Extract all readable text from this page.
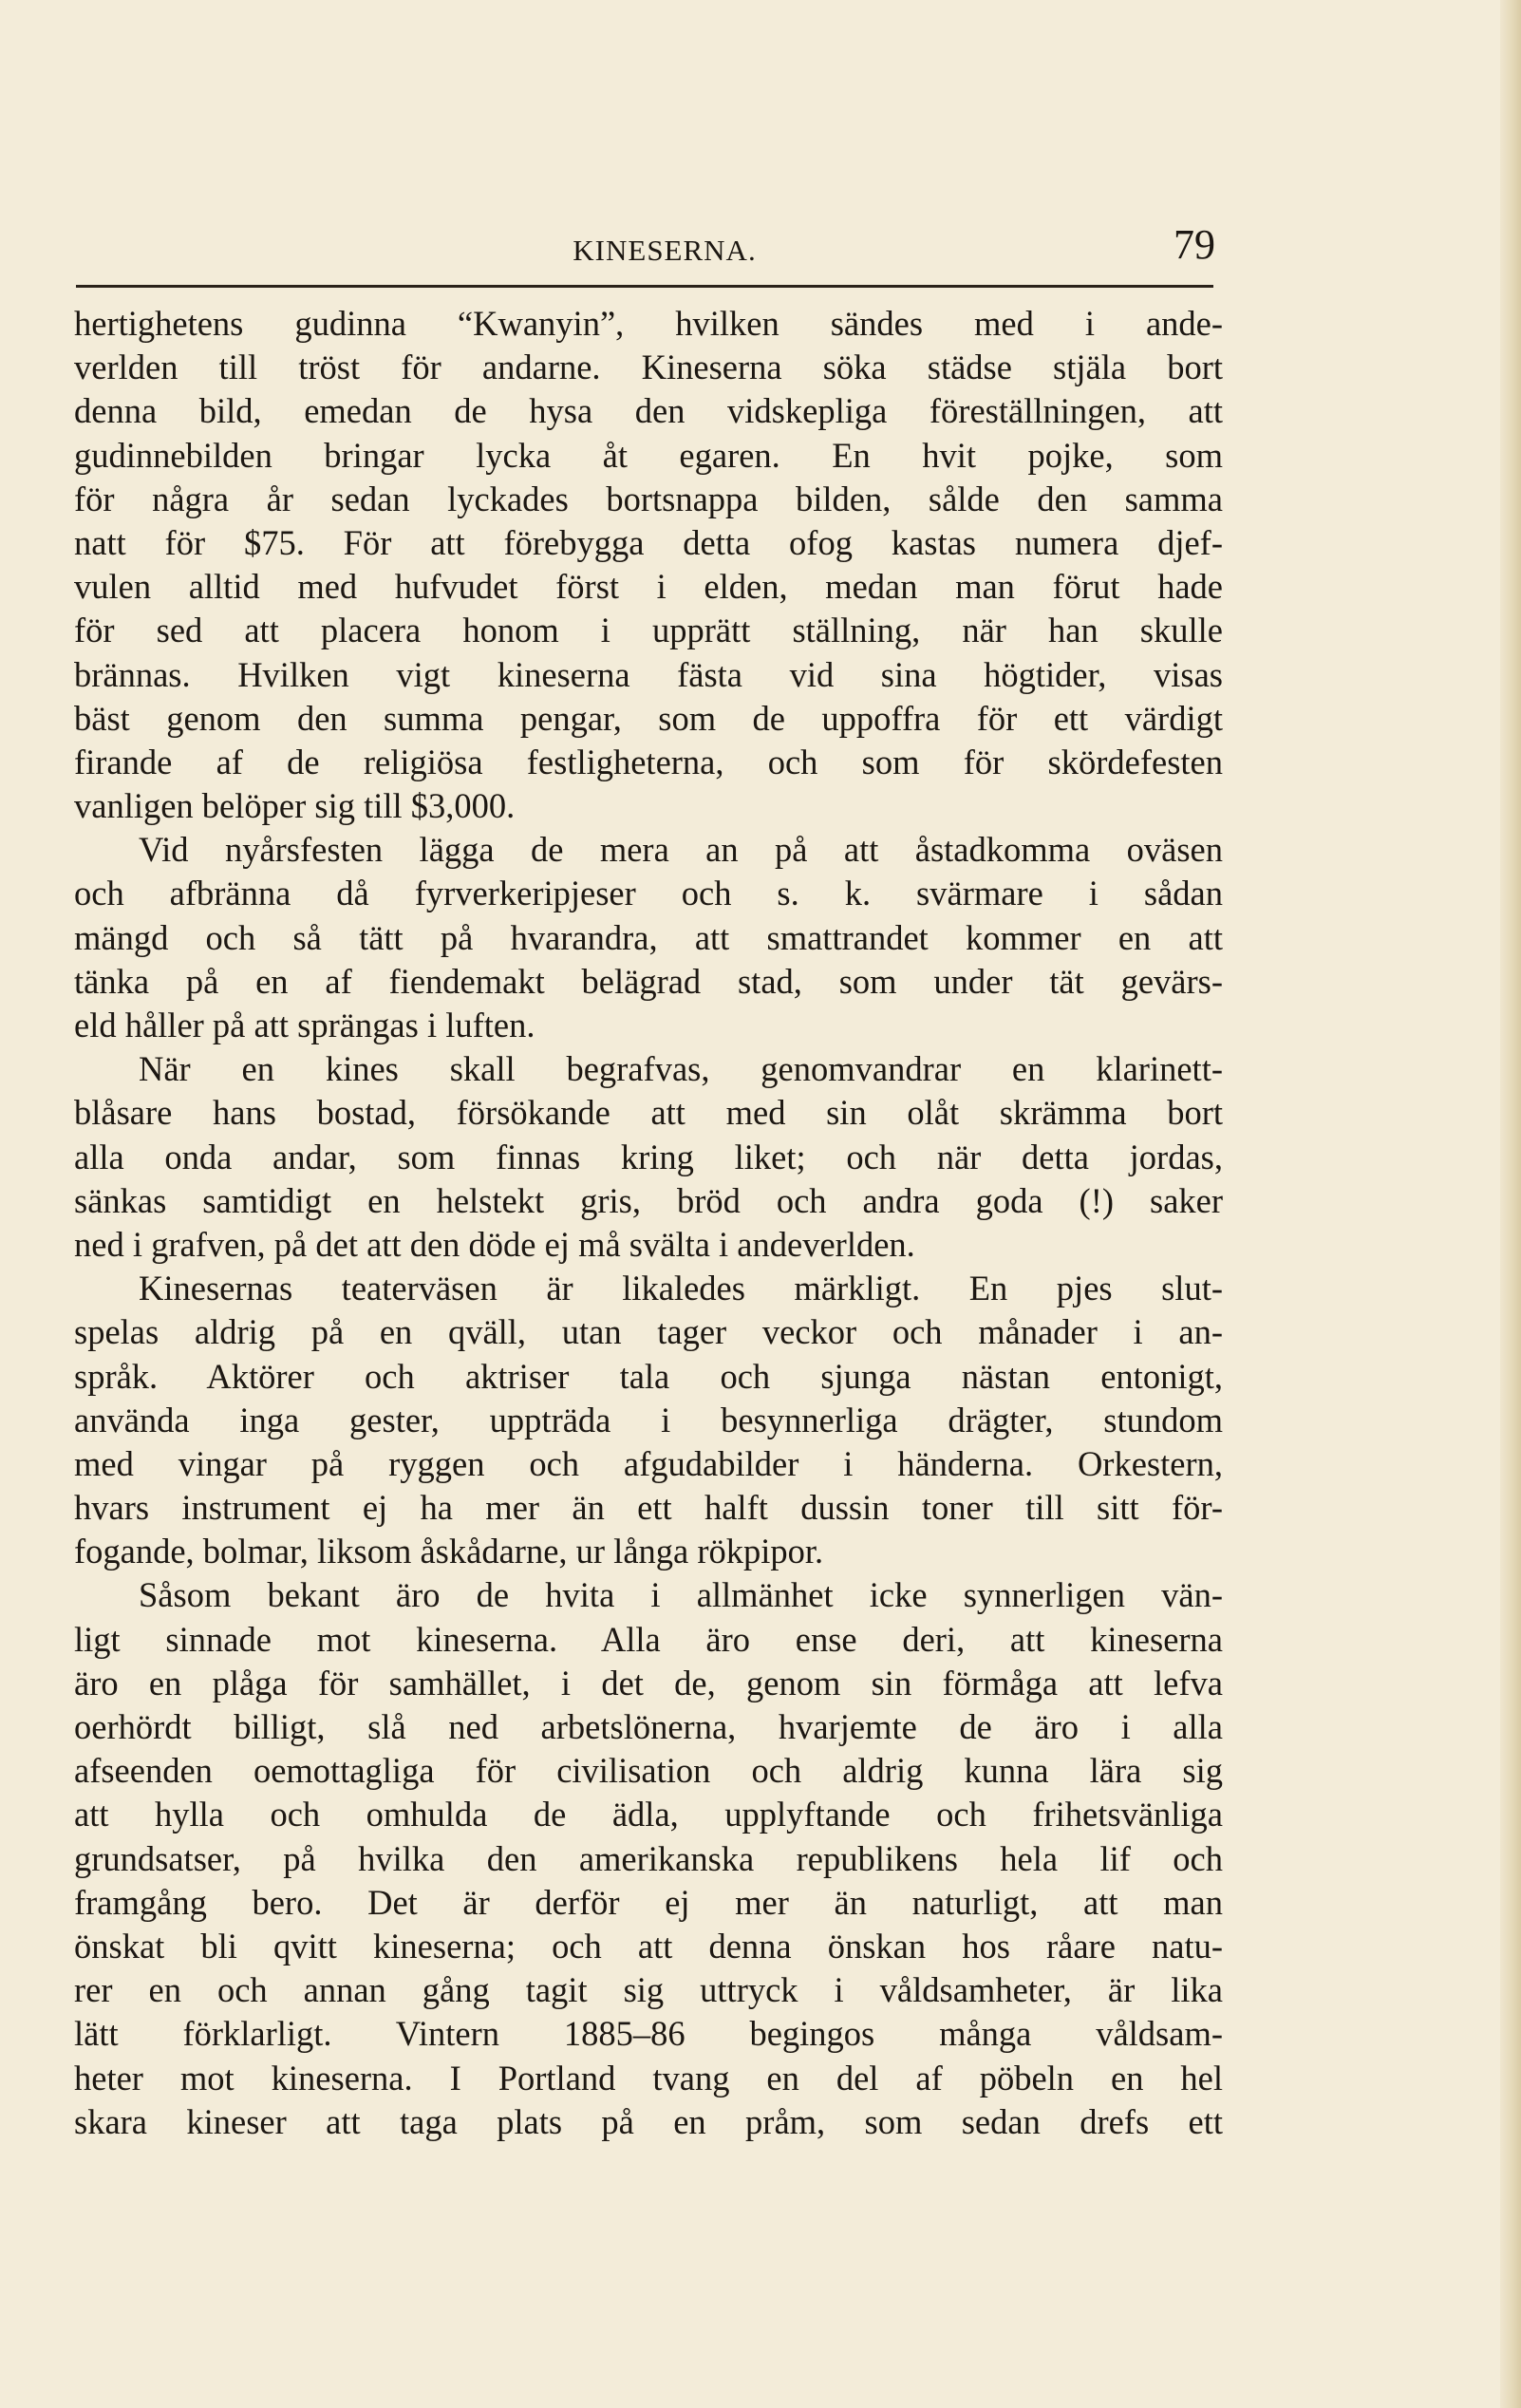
KINESERNA.	79
hertighetens gudinna “Kwanyin”, hvilken sändes med i ande-
verlden till tröst för andarne. Kineserna söka städse stjäla bort
denna bild, emedan de hysa den vidskepliga föreställningen, att
gudinnebilden bringar lycka åt egaren. En hvit pojke, som
för några år sedan lyckades bortsnappa bilden, sålde den samma
natt för $75. För att förebygga detta ofog kastas numera djef-
vulen alltid med hufvudet först i elden, medan man förut hade
för sed att placera honom i upprätt ställning, när han skulle
brännas. Hvilken vigt kineserna fästa vid sina högtider, visas
bäst genom den summa pengar, som de uppoffra för ett värdigt
firande af de religiösa festligheterna, och som för skördefesten
vanligen belöper sig till $3,000.
Vid nyårsfesten lägga de mera an på att åstadkomma oväsen
och afbränna då fyrverkeripjeser och s. k. svärmare i sådan
mängd och så tätt på hvarandra, att smattrandet kommer en att
tänka på en af fiendemakt belägrad stad, som under tät gevärs-
eld håller på att sprängas i luften.
När en kines skall begrafvas, genomvandrar en klarinett-
blåsare hans bostad, försökande att med sin olåt skrämma bort
alla onda andar, som finnas kring liket; och när detta jordas,
sänkas samtidigt en helstekt gris, bröd och andra goda (!) saker
ned i grafven, på det att den döde ej må svälta i andeverlden.
Kinesernas teaterväsen är likaledes märkligt. En pjes slut-
spelas aldrig på en qväll, utan tager veckor och månader i an-
språk. Aktörer och aktriser tala och sjunga nästan entonigt,
använda inga gester, uppträda i besynnerliga drägter, stundom
med vingar på ryggen och afgudabilder i händerna. Orkestern,
hvars instrument ej ha mer än ett halft dussin toner till sitt för-
fogande, bolmar, liksom åskådarne, ur långa rökpipor.
Såsom bekant äro de hvita i allmänhet icke synnerligen vän-
ligt sinnade mot kineserna. Alla äro ense deri, att kineserna
äro en plåga för samhället, i det de, genom sin förmåga att lefva
oerhördt billigt, slå ned arbetslönerna, hvarjemte de äro i alla
afseenden oemottagliga för civilisation och aldrig kunna lära sig
att hylla och omhulda de ädla, upplyftande och frihetsvänliga
grundsatser, på hvilka den amerikanska republikens hela lif och
framgång bero. Det är derför ej mer än naturligt, att man
önskat bli qvitt kineserna; och att denna önskan hos råare natu-
rer en och annan gång tagit sig uttryck i våldsamheter, är lika
lätt förklarligt. Vintern 1885–86 begingos många våldsam-
heter mot kineserna. I Portland tvang en del af pöbeln en hel
skara kineser att taga plats på en pråm, som sedan drefs ett
